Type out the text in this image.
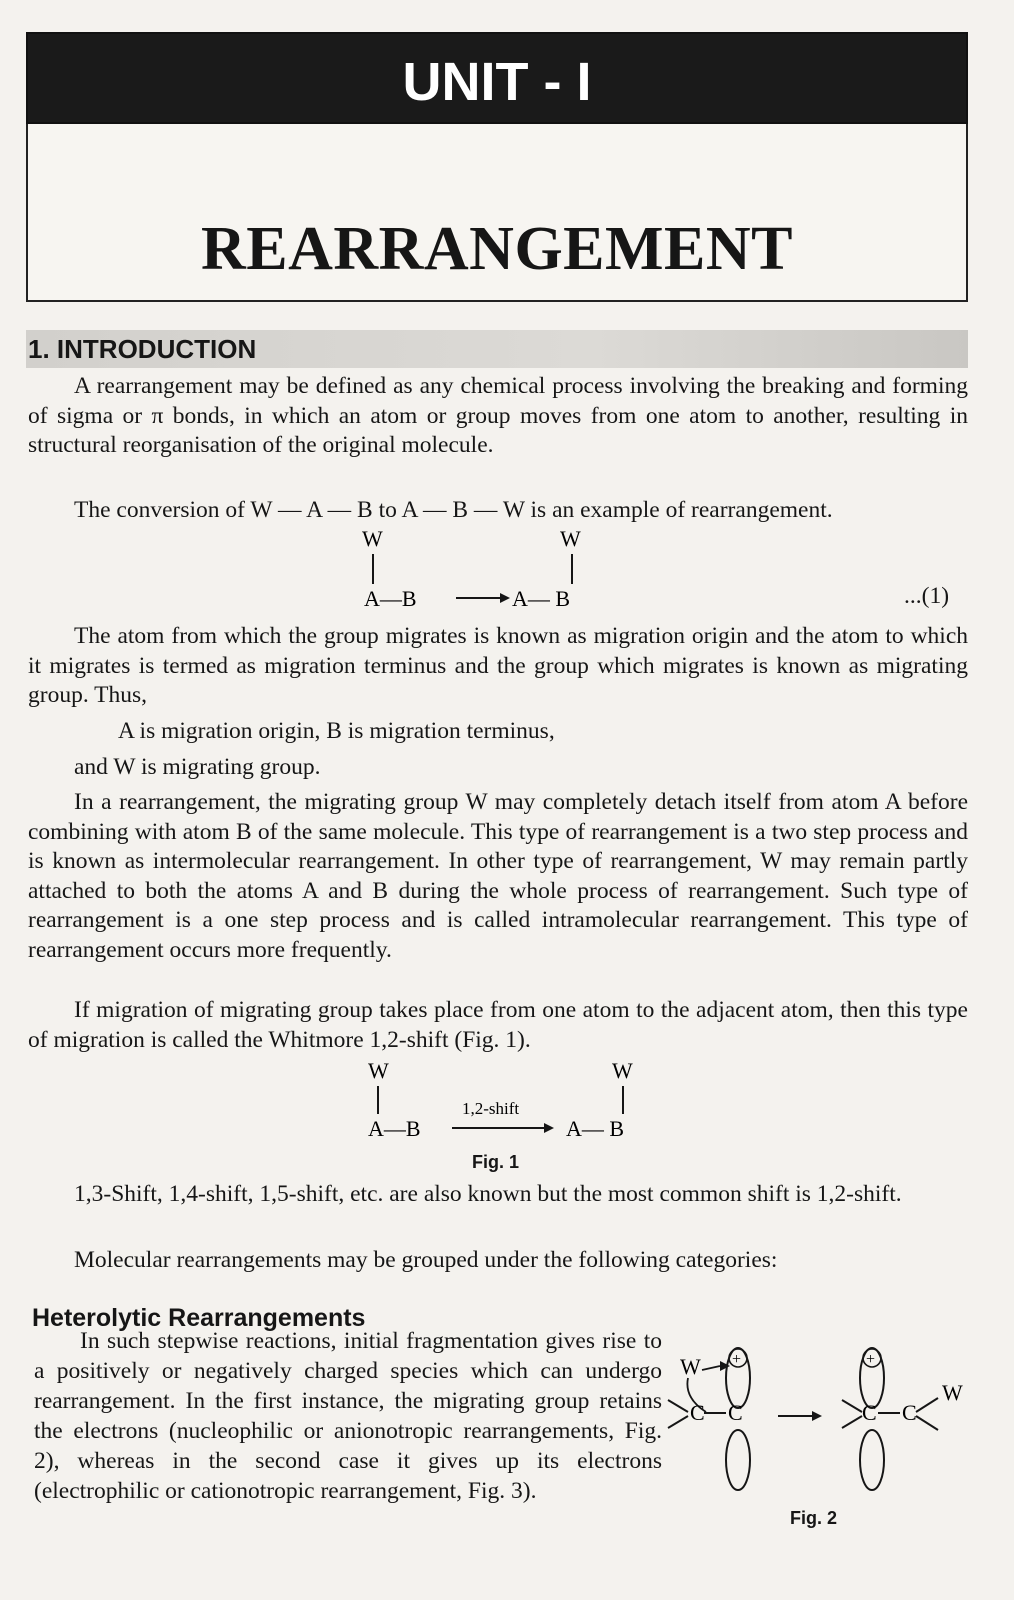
UNIT - I
REARRANGEMENT
1. INTRODUCTION

A rearrangement may be defined as any chemical process involving the breaking and forming of sigma or π bonds, in which an atom or group moves from one atom to another, resulting in structural reorganisation of the original molecule.

The conversion of W — A — B to A — B — W is an example of rearrangement.
W
A—B
W
A— B	...(1)

The atom from which the group migrates is known as migration origin and the atom to which it migrates is termed as migration terminus and the group which migrates is known as migrating group. Thus,

A is migration origin, B is migration terminus,
and W is migrating group.

In a rearrangement, the migrating group W may completely detach itself from atom A before combining with atom B of the same molecule. This type of rearrangement is a two step process and is known as intermolecular rearrangement. In other type of rearrangement, W may remain partly attached to both the atoms A and B during the whole process of rearrangement. Such type of rearrangement is a one step process and is called intramolecular rearrangement. This type of rearrangement occurs more frequently.

If migration of migrating group takes place from one atom to the adjacent atom, then this type of migration is called the Whitmore 1,2-shift (Fig. 1).

W
A—B
1,2-shift
W
A— B
Fig. 1

1,3-Shift, 1,4-shift, 1,5-shift, etc. are also known but the most common shift is 1,2-shift.

Molecular rearrangements may be grouped under the following categories:
Heterolytic Rearrangements

In such stepwise reactions, initial fragmentation gives rise to a positively or negatively charged species which can undergo rearrangement. In the first instance, the migrating group retains the electrons (nucleophilic or anionotropic rearrangements, Fig. 2), whereas in the second case it gives up its electrons (electrophilic or cationotropic rearrangement, Fig. 3).

W +
C C
+
C C
W
Fig. 2
